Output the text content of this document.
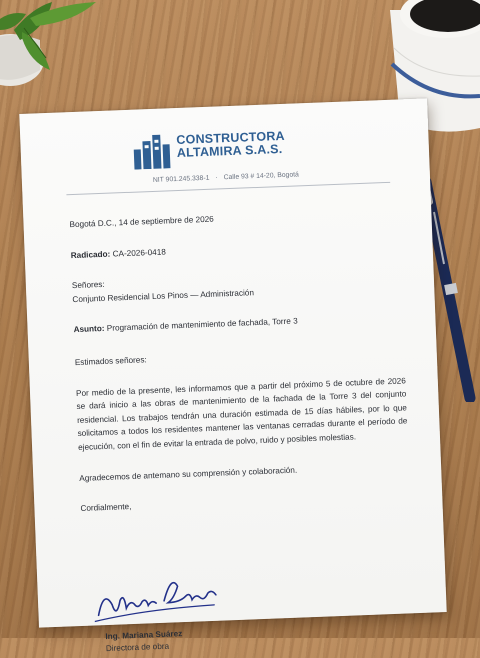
CONSTRUCTORA
ALTAMIRA S.A.S.
NIT 901.245.338-1 · Calle 93 # 14-20, Bogotá

Bogotá D.C., 14 de septiembre de 2026

Radicado: CA-2026-0418

Señores:

Conjunto Residencial Los Pinos — Administración

Asunto: Programación de mantenimiento de fachada, Torre 3

Estimados señores:

Por medio de la presente, les informamos que a partir del próximo 5 de octubre de 2026 se dará inicio a las obras de mantenimiento de la fachada de la Torre 3 del conjunto residencial. Los trabajos tendrán una duración estimada de 15 días hábiles, por lo que solicitamos a todos los residentes mantener las ventanas cerradas durante el período de ejecución, con el fin de evitar la entrada de polvo, ruido y posibles molestias.

Agradecemos de antemano su comprensión y colaboración.

Cordialmente,

Ing. Mariana Suárez
Directora de obra
